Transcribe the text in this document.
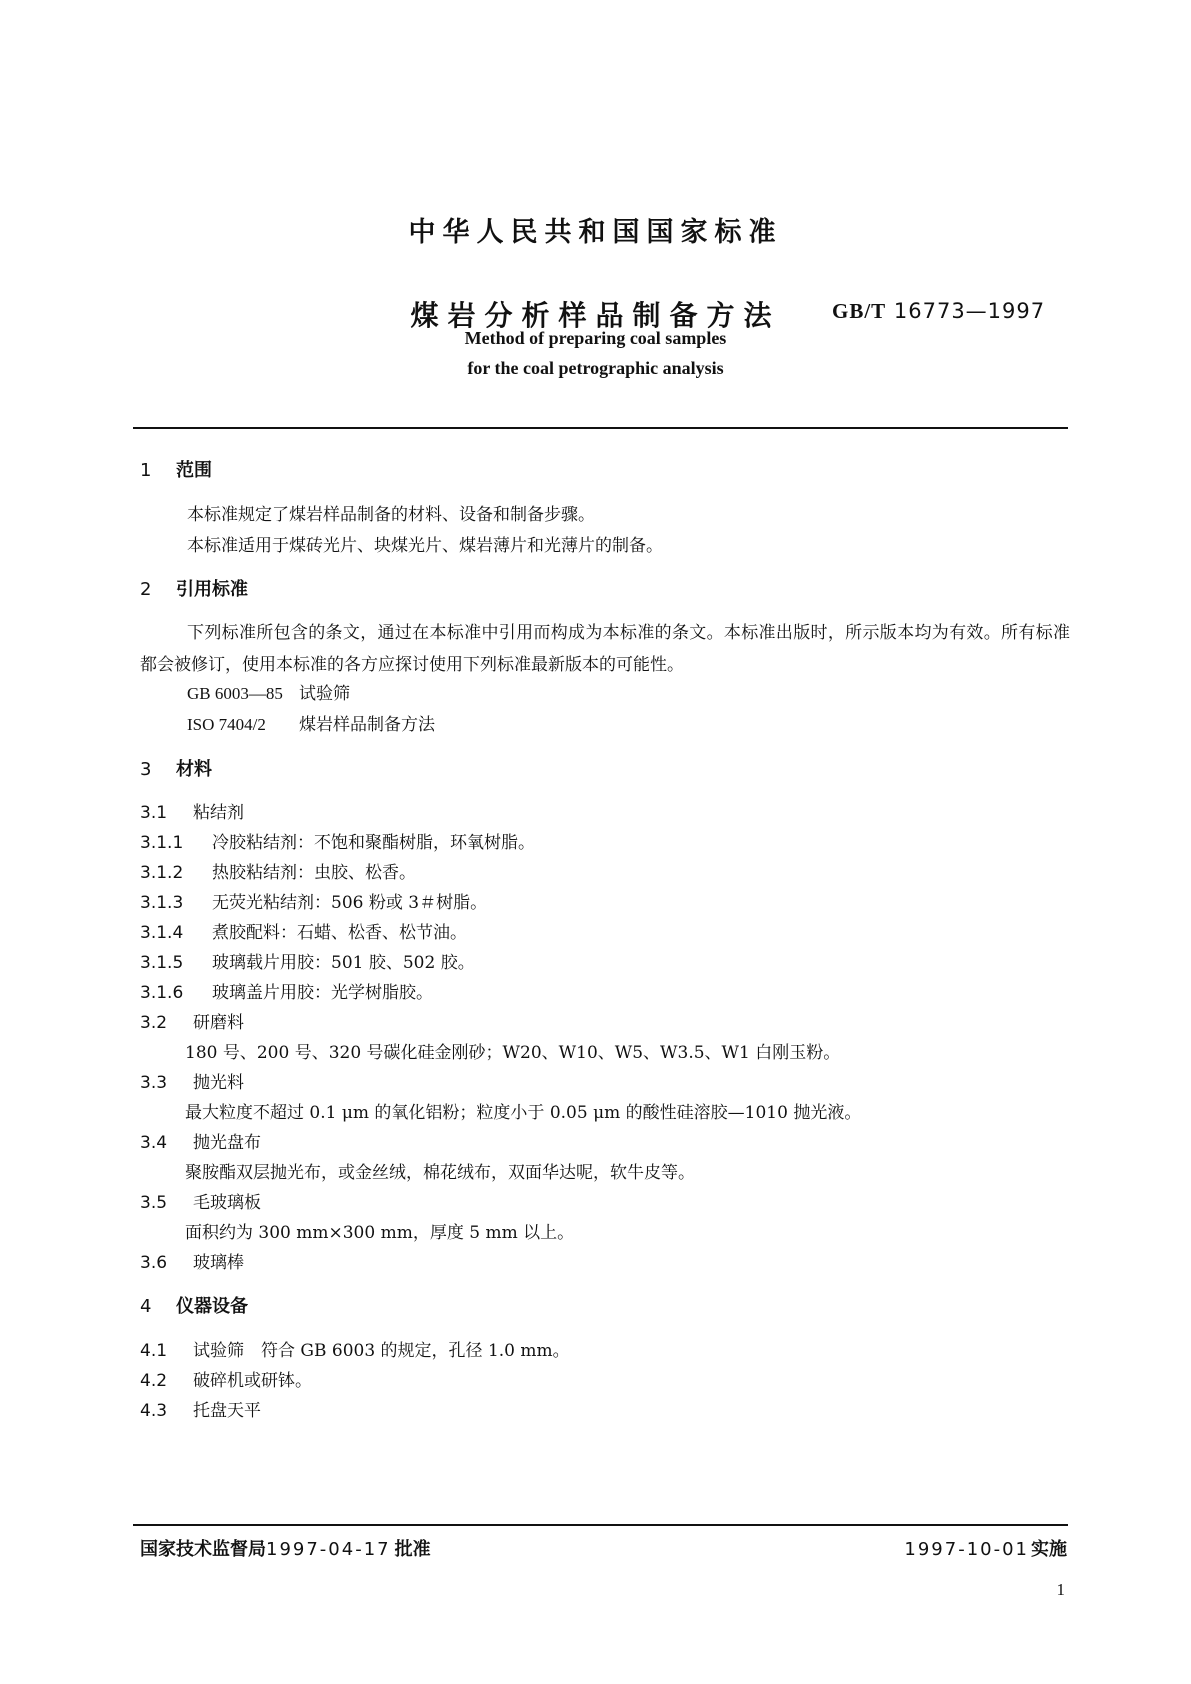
中华人民共和国国家标准
煤岩分析样品制备方法	GB/T 16773—1997
Method of preparing coal samples
for the coal petrographic analysis
1 范围
本标准规定了煤岩样品制备的材料、设备和制备步骤。
本标准适用于煤砖光片、块煤光片、煤岩薄片和光薄片的制备。
2 引用标准
下列标准所包含的条文，通过在本标准中引用而构成为本标准的条文。本标准出版时，所示版本均为有效。所有标准都会被修订，使用本标准的各方应探讨使用下列标准最新版本的可能性。
GB 6003—85 试验筛
ISO 7404/2 煤岩样品制备方法
3 材料
3.1 粘结剂
3.1.1 冷胶粘结剂：不饱和聚酯树脂，环氧树脂。
3.1.2 热胶粘结剂：虫胶、松香。
3.1.3 无荧光粘结剂：506 粉或 3＃树脂。
3.1.4 煮胶配料：石蜡、松香、松节油。
3.1.5 玻璃载片用胶：501 胶、502 胶。
3.1.6 玻璃盖片用胶：光学树脂胶。
3.2 研磨料
180 号、200 号、320 号碳化硅金刚砂；W20、W10、W5、W3.5、W1 白刚玉粉。
3.3 抛光料
最大粒度不超过 0.1 μm 的氧化铝粉；粒度小于 0.05 μm 的酸性硅溶胶—1010 抛光液。
3.4 抛光盘布
聚胺酯双层抛光布，或金丝绒，棉花绒布，双面华达呢，软牛皮等。
3.5 毛玻璃板
面积约为 300 mm×300 mm，厚度 5 mm 以上。
3.6 玻璃棒
4 仪器设备
4.1 试验筛　符合 GB 6003 的规定，孔径 1.0 mm。
4.2 破碎机或研钵。
4.3 托盘天平
国家技术监督局1997-04-17 批准	1997-10-01 实施
1
